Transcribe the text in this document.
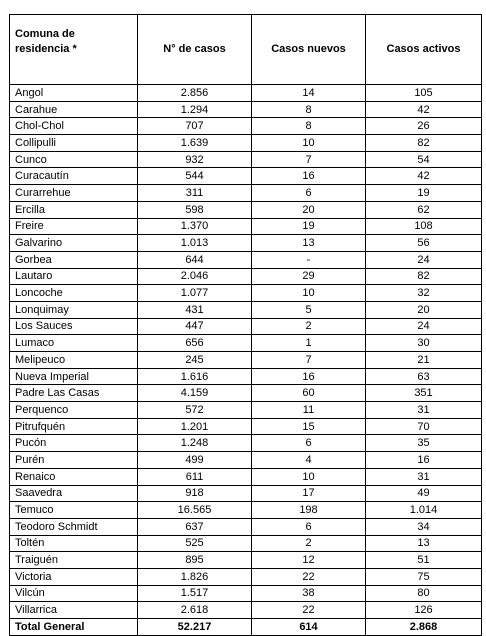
Comuna de residencia *	N° de casos	Casos nuevos	Casos activos
Angol	2.856	14	105
Carahue	1.294	8	42
Chol-Chol	707	8	26
Collipulli	1.639	10	82
Cunco	932	7	54
Curacautín	544	16	42
Curarrehue	311	6	19
Ercilla	598	20	62
Freire	1.370	19	108
Galvarino	1.013	13	56
Gorbea	644	-	24
Lautaro	2.046	29	82
Loncoche	1.077	10	32
Lonquimay	431	5	20
Los Sauces	447	2	24
Lumaco	656	1	30
Melipeuco	245	7	21
Nueva Imperial	1.616	16	63
Padre Las Casas	4.159	60	351
Perquenco	572	11	31
Pitrufquén	1.201	15	70
Pucón	1.248	6	35
Purén	499	4	16
Renaico	611	10	31
Saavedra	918	17	49
Temuco	16.565	198	1.014
Teodoro Schmidt	637	6	34
Toltén	525	2	13
Traiguén	895	12	51
Victoria	1.826	22	75
Vilcún	1.517	38	80
Villarrica	2.618	22	126
Total General	52.217	614	2.868
